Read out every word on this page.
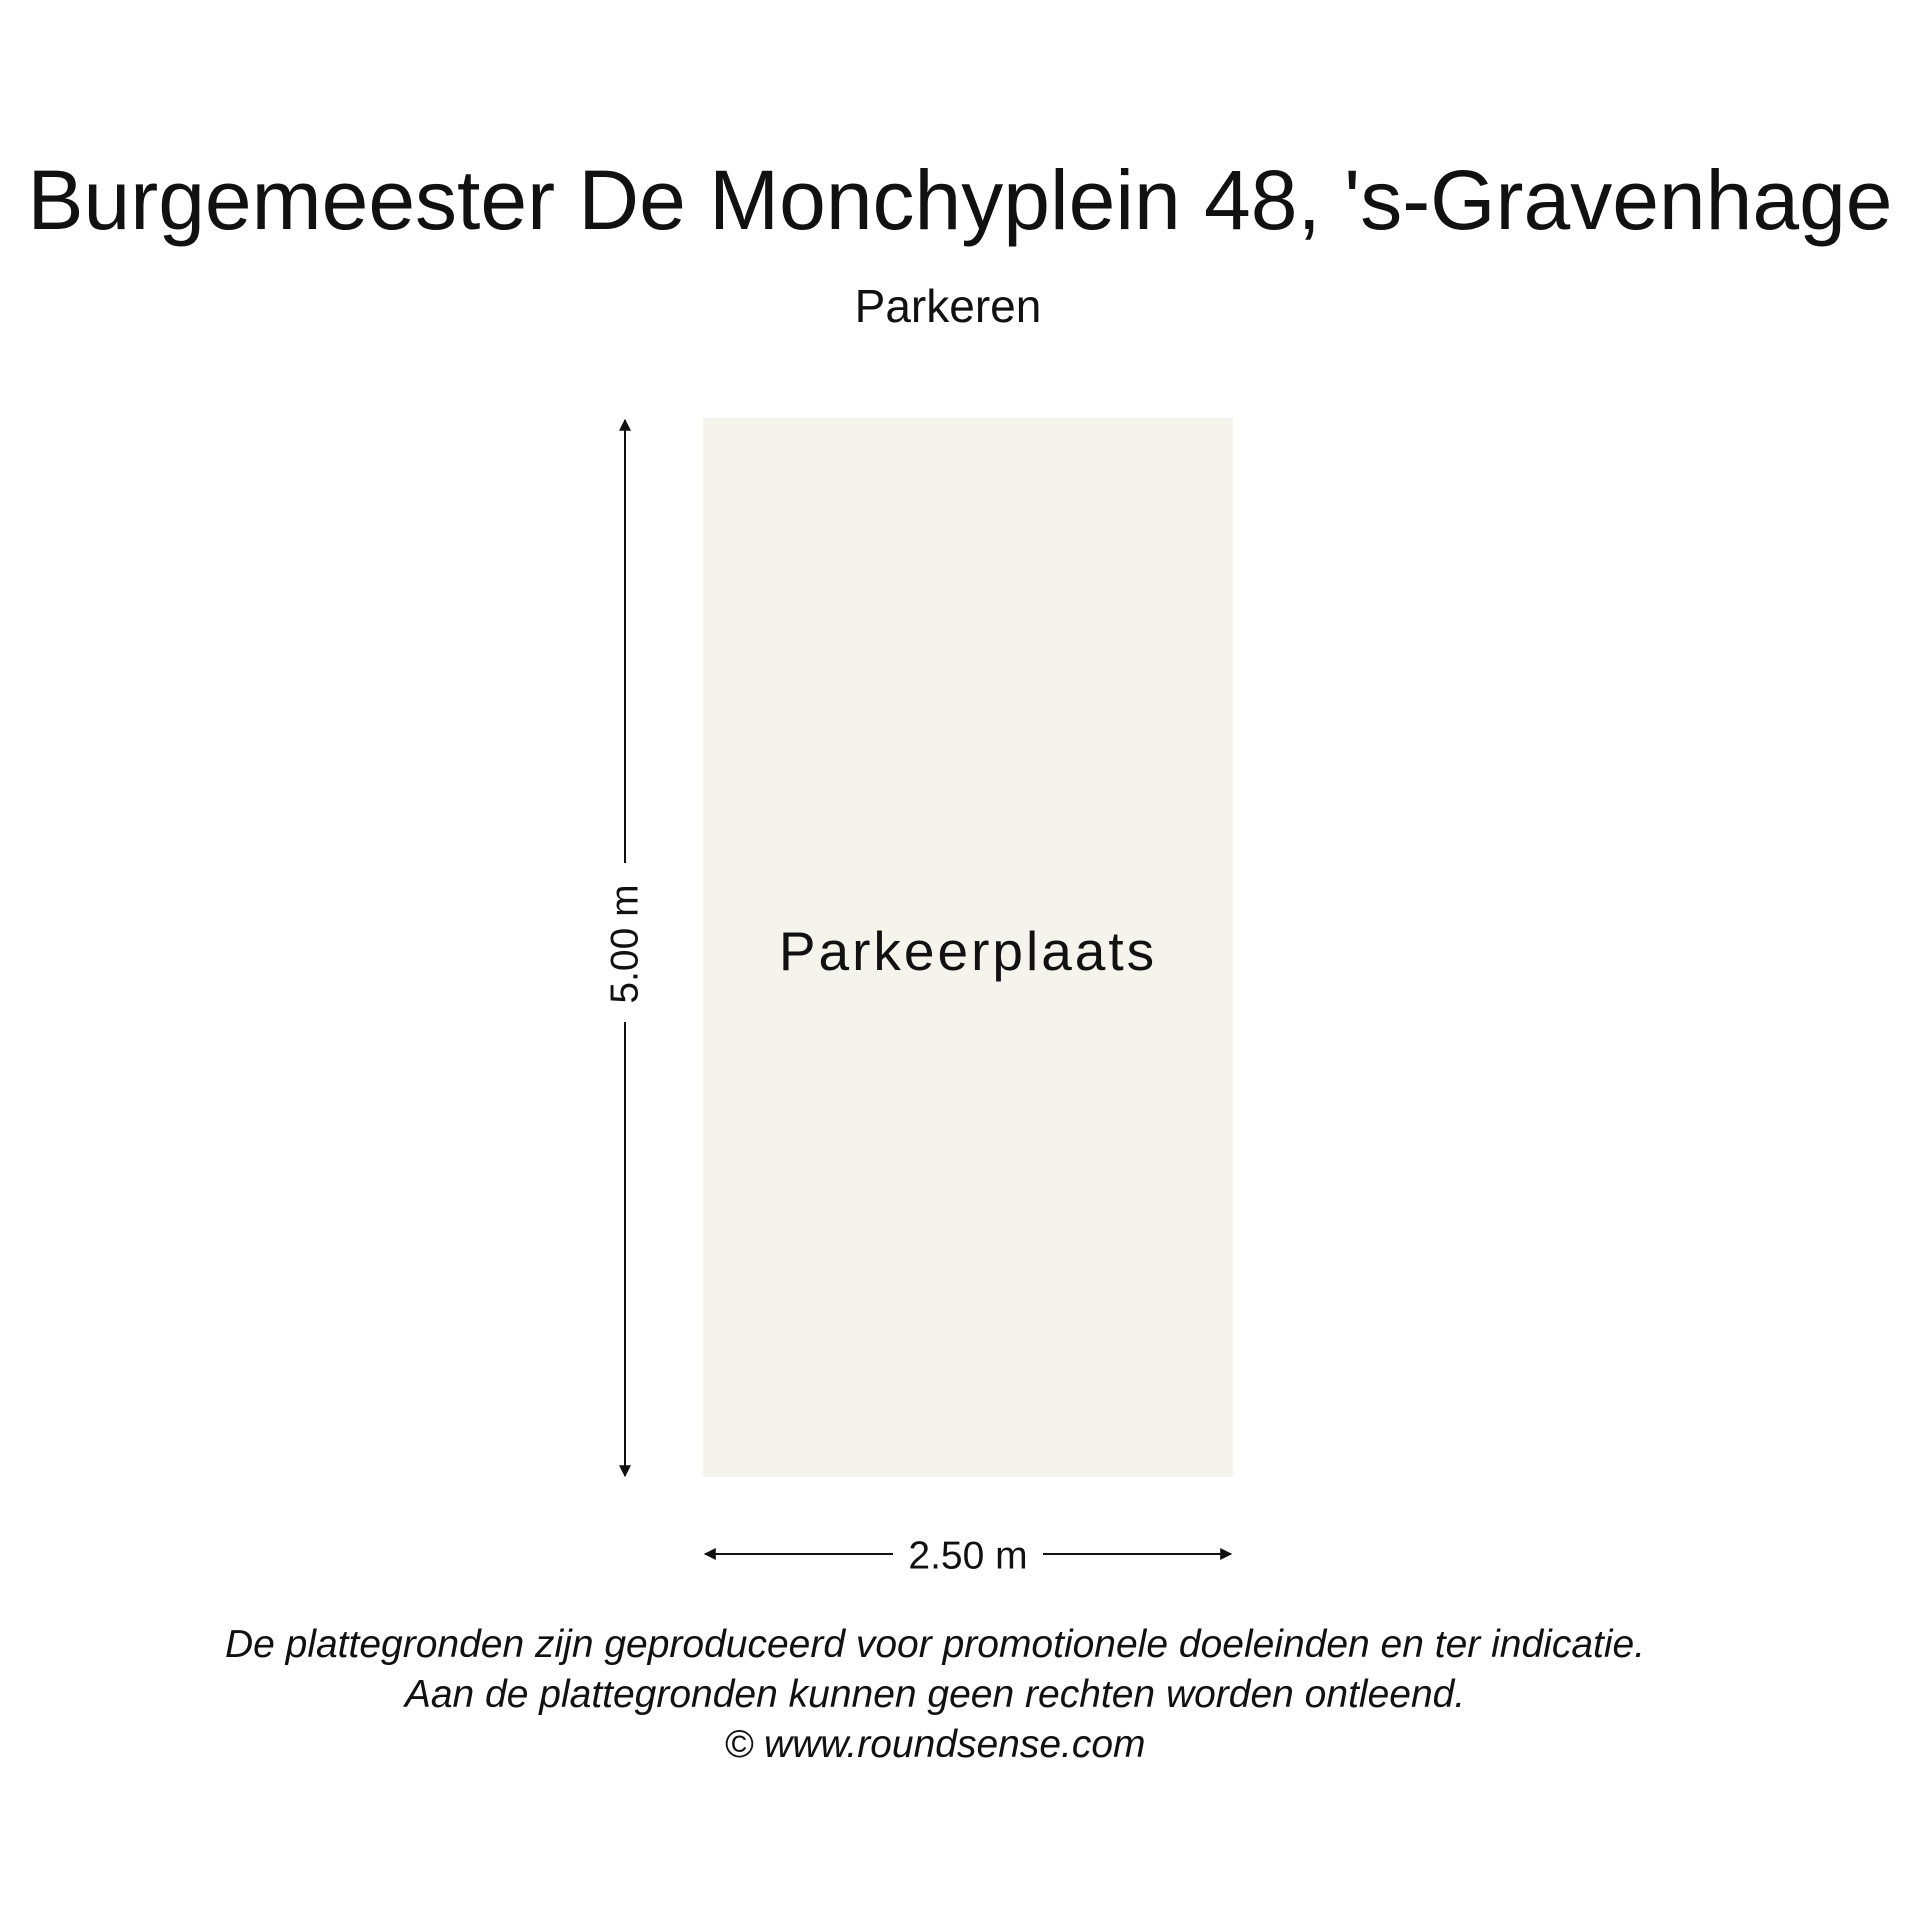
Burgemeester De Monchyplein 48, 's-Gravenhage
Parkeren
Parkeerplaats
5.00 m
2.50 m
De plattegronden zijn geproduceerd voor promotionele doeleinden en ter indicatie.
Aan de plattegronden kunnen geen rechten worden ontleend.
© www.roundsense.com
